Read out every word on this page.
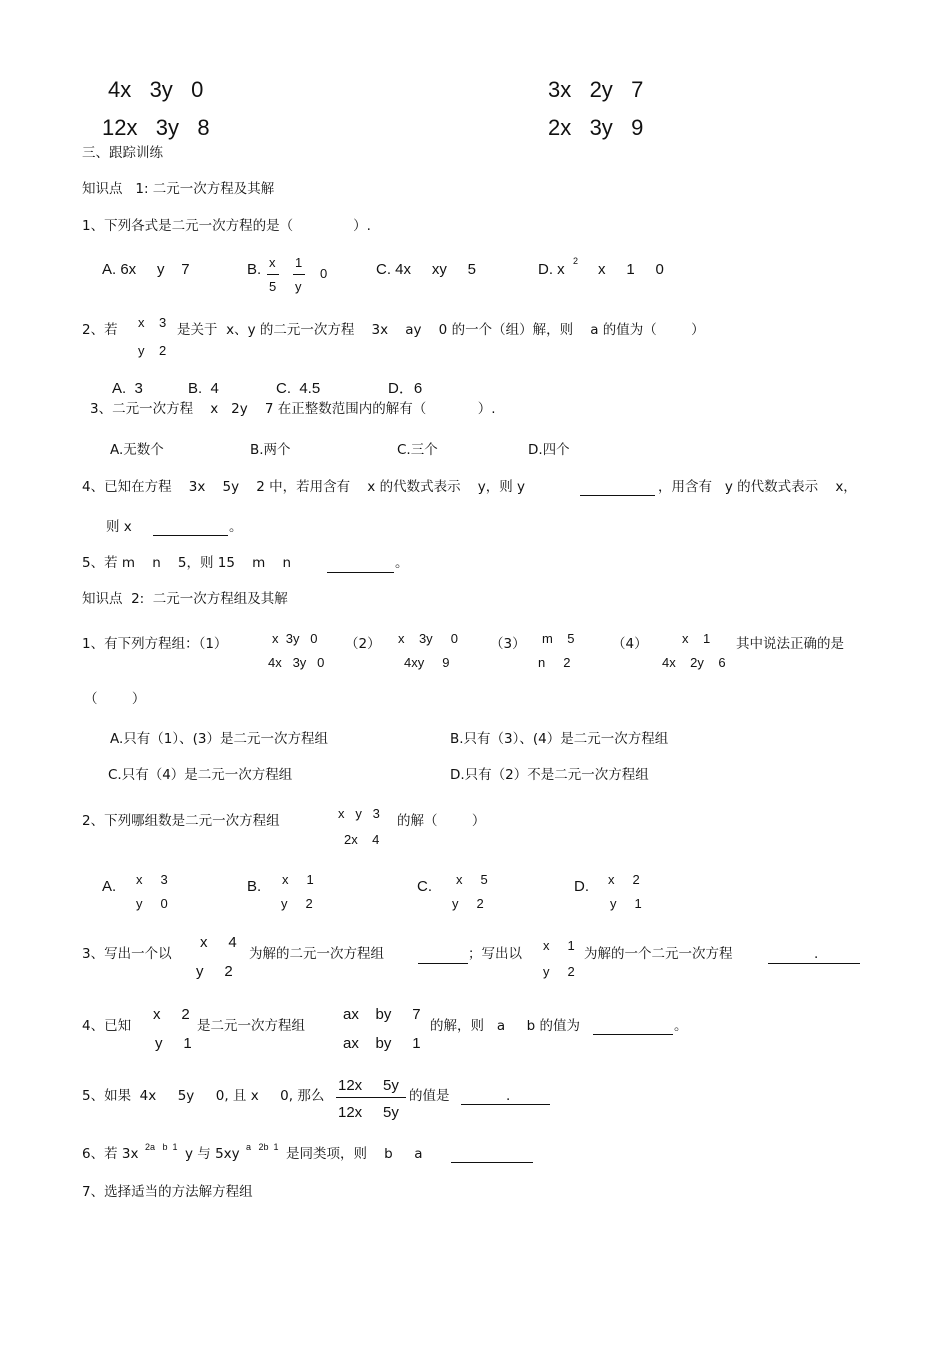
4x   3y   0
12x   3y   8
3x   2y   7
2x   3y   9
三、跟踪训练
知识点   1: 二元一次方程及其解
1、下列各式是二元一次方程的是（              ）.
A. 6x     y    7	B. x
5
1
y
0	C. 4x     xy     5	D. x 2 x     1     0
2、若 x    3
y    2
是关于  x、y 的二元一次方程    3x    ay    0 的一个（组）解，则    a 的值为（        ）
A.  3	B.  4	C.  4.5	D．6
3、二元一次方程    x   2y    7 在正整数范围内的解有（            ）.
A.无数个	B.两个	C.三个	D.四个
4、已知在方程    3x    5y    2 中，若用含有    x 的代数式表示    y，则 y	，用含有   y 的代数式表示    x，
则 x	。
5、若 m    n    5，则 15    m    n	。
知识点  2:  二元一次方程组及其解
1、有下列方程组：（1）	x  3y   0
4x   3y   0
（2） x    3y     0
4xy     9
（3） m    5
n     2
（4）	x    1
4x    2y    6
其中说法正确的是
（        ）
A.只有（1）、(3）是二元一次方程组	B.只有（3）、(4）是二元一次方程组
C.只有（4）是二元一次方程组	D.只有（2）不是二元一次方程组
2、下列哪组数是二元一次方程组	x   y   3
2x    4
的解（        ）
A. x     3
y     0
B. x     1
y     2
C. x     5
y     2
D. x     2
y     1
3、写出一个以
x     4
y     2
为解的二元一次方程组	；写出以
x     1
y     2
为解的一个二元一次方程	.
4、已知
x     2
y     1
是二元一次方程组
ax    by     7
ax    by     1
的解，则   a     b 的值为	。
5、如果  4x     5y     0, 且 x     0, 那么
12x     5y
12x     5y
的值是	.
6、若 3x 2a   b  1 y 与 5xy a   2b  1 是同类项，则    b     a
7、选择适当的方法解方程组
